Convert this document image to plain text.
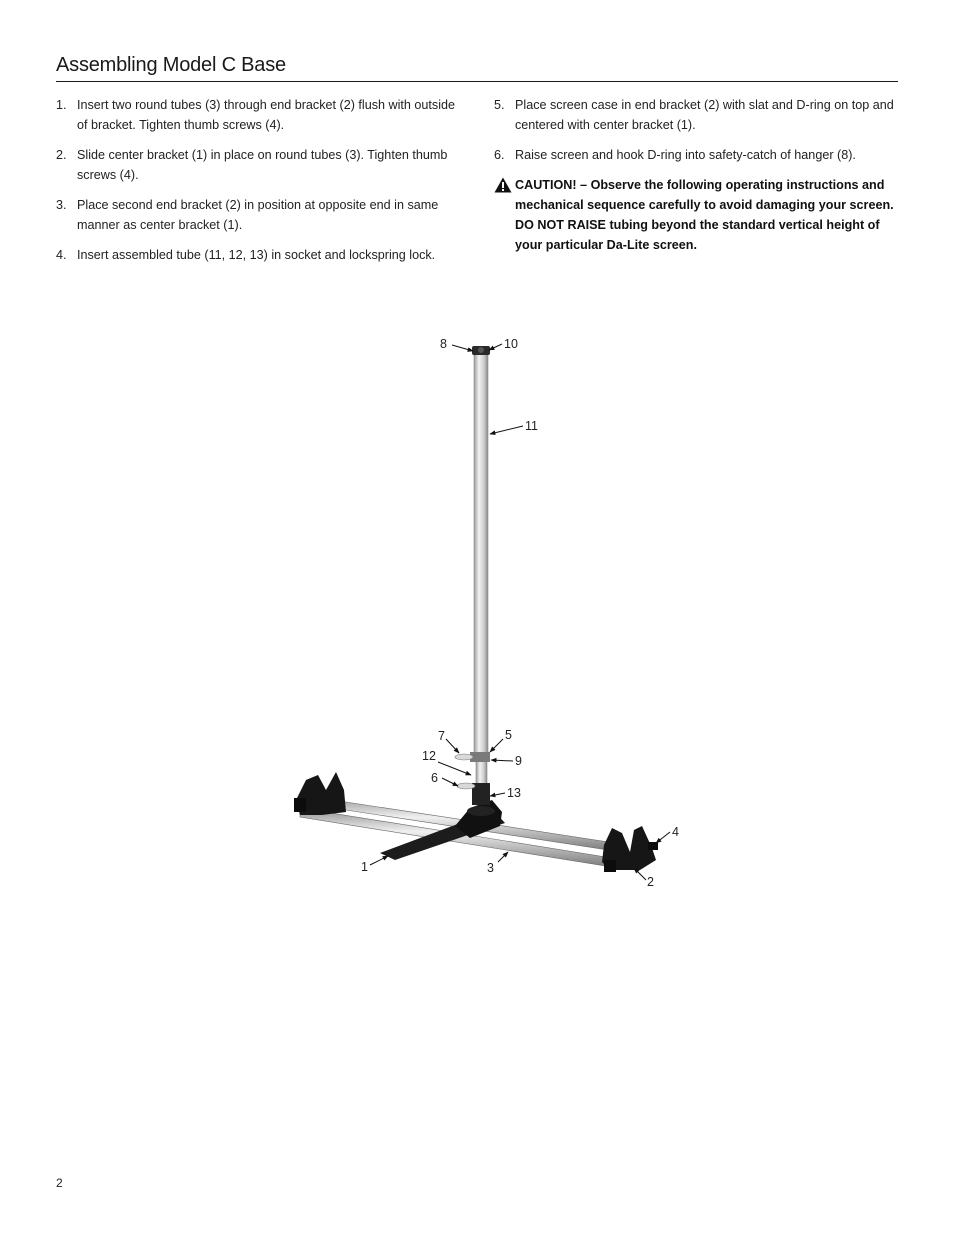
Assembling Model C Base
1. Insert two round tubes (3) through end bracket (2) flush with outside of bracket. Tighten thumb screws (4).
2. Slide center bracket (1) in place on round tubes (3). Tighten thumb screws (4).
3. Place second end bracket (2) in position at opposite end in same manner as center bracket (1).
4. Insert assembled tube (11, 12, 13) in socket and lockspring lock.
5. Place screen case in end bracket (2) with slat and D-ring on top and centered with center bracket (1).
6. Raise screen and hook D-ring into safety-catch of hanger (8).
CAUTION! – Observe the following operating instructions and mechanical sequence carefully to avoid damaging your screen. DO NOT RAISE tubing beyond the standard vertical height of your particular Da-Lite screen.
8	10
11
7	5
12	9
6
13
4
2
3
1
2
